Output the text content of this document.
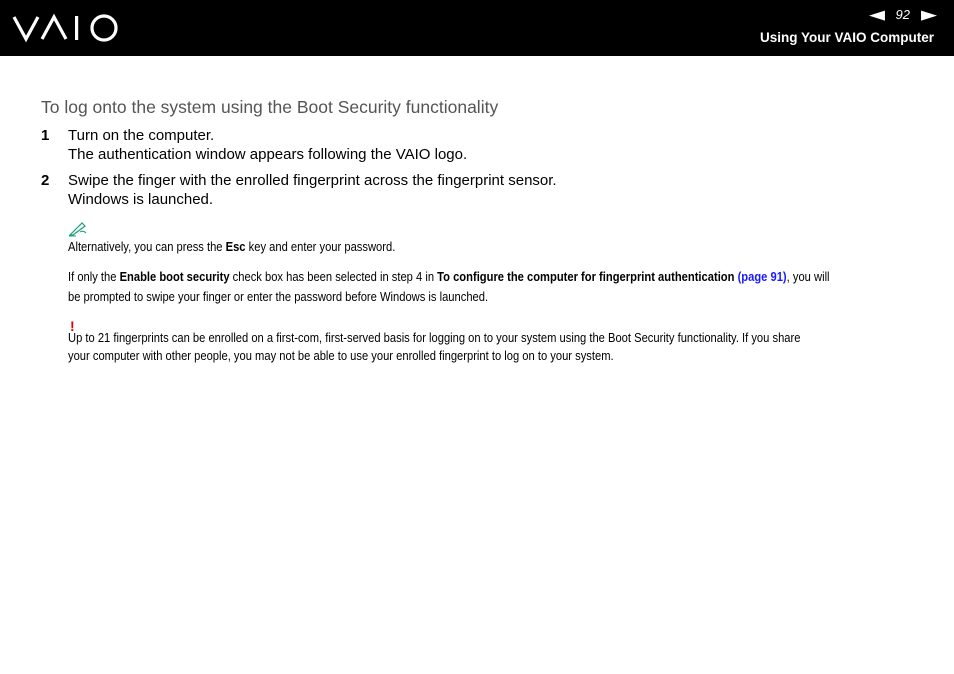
◀ 92 ▶
Using Your VAIO Computer
To log onto the system using the Boot Security functionality
1	Turn on the computer.
The authentication window appears following the VAIO logo.
2	Swipe the finger with the enrolled fingerprint across the fingerprint sensor.
Windows is launched.
Alternatively, you can press the Esc key and enter your password.
If only the Enable boot security check box has been selected in step 4 in To configure the computer for fingerprint authentication (page 91), you will
be prompted to swipe your finger or enter the password before Windows is launched.
!
Up to 21 fingerprints can be enrolled on a first-com, first-served basis for logging on to your system using the Boot Security functionality. If you share
your computer with other people, you may not be able to use your enrolled fingerprint to log on to your system.
